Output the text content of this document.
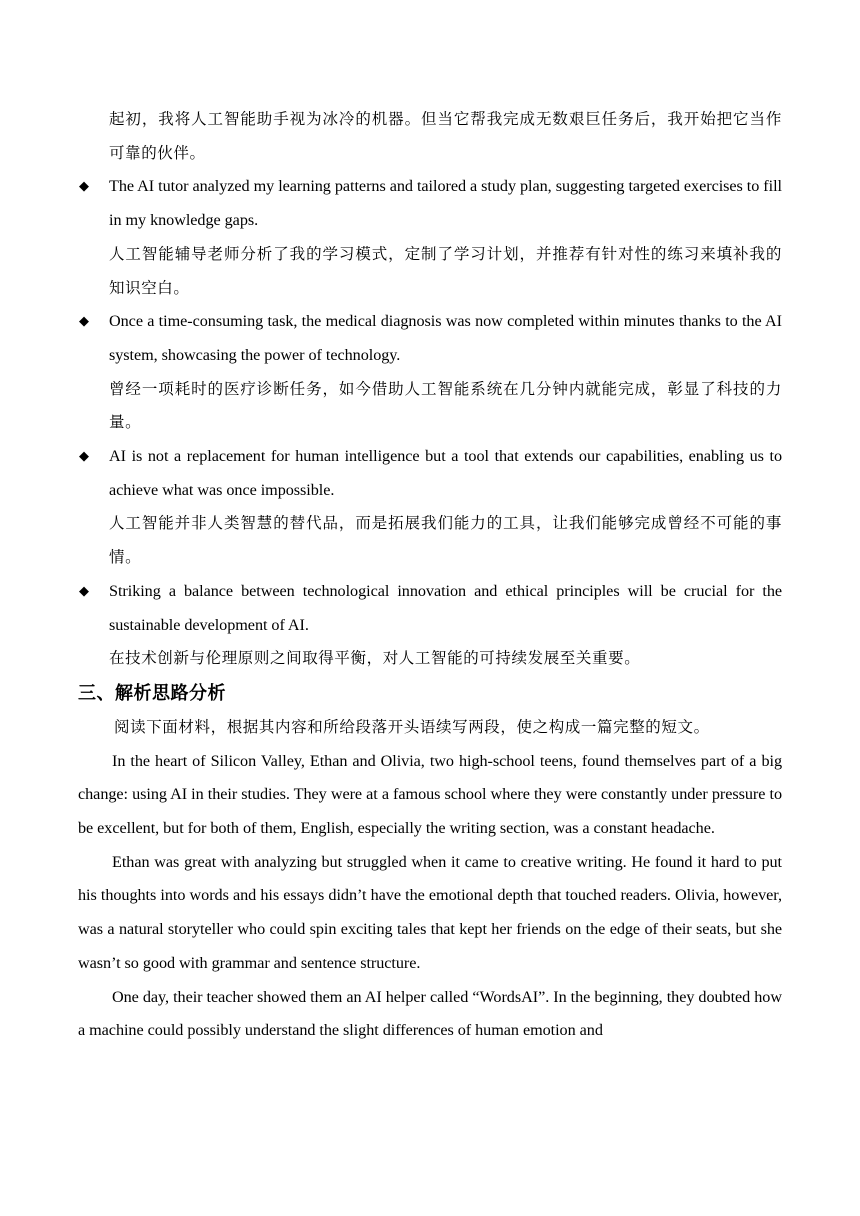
起初，我将人工智能助手视为冰冷的机器。但当它帮我完成无数艰巨任务后，我开始把它当作可靠的伙伴。
◆ The AI tutor analyzed my learning patterns and tailored a study plan, suggesting targeted exercises to fill in my knowledge gaps.
人工智能辅导老师分析了我的学习模式，定制了学习计划，并推荐有针对性的练习来填补我的知识空白。
◆ Once a time-consuming task, the medical diagnosis was now completed within minutes thanks to the AI system, showcasing the power of technology.
曾经一项耗时的医疗诊断任务，如今借助人工智能系统在几分钟内就能完成，彰显了科技的力量。
◆ AI is not a replacement for human intelligence but a tool that extends our capabilities, enabling us to achieve what was once impossible.
人工智能并非人类智慧的替代品，而是拓展我们能力的工具，让我们能够完成曾经不可能的事情。
◆ Striking a balance between technological innovation and ethical principles will be crucial for the sustainable development of AI.
在技术创新与伦理原则之间取得平衡，对人工智能的可持续发展至关重要。
三、解析思路分析
阅读下面材料，根据其内容和所给段落开头语续写两段，使之构成一篇完整的短文。
In the heart of Silicon Valley, Ethan and Olivia, two high-school teens, found themselves part of a big change: using AI in their studies. They were at a famous school where they were constantly under pressure to be excellent, but for both of them, English, especially the writing section, was a constant headache.
Ethan was great with analyzing but struggled when it came to creative writing. He found it hard to put his thoughts into words and his essays didn’t have the emotional depth that touched readers. Olivia, however, was a natural storyteller who could spin exciting tales that kept her friends on the edge of their seats, but she wasn’t so good with grammar and sentence structure.
One day, their teacher showed them an AI helper called “WordsAI”. In the beginning, they doubted how a machine could possibly understand the slight differences of human emotion and
